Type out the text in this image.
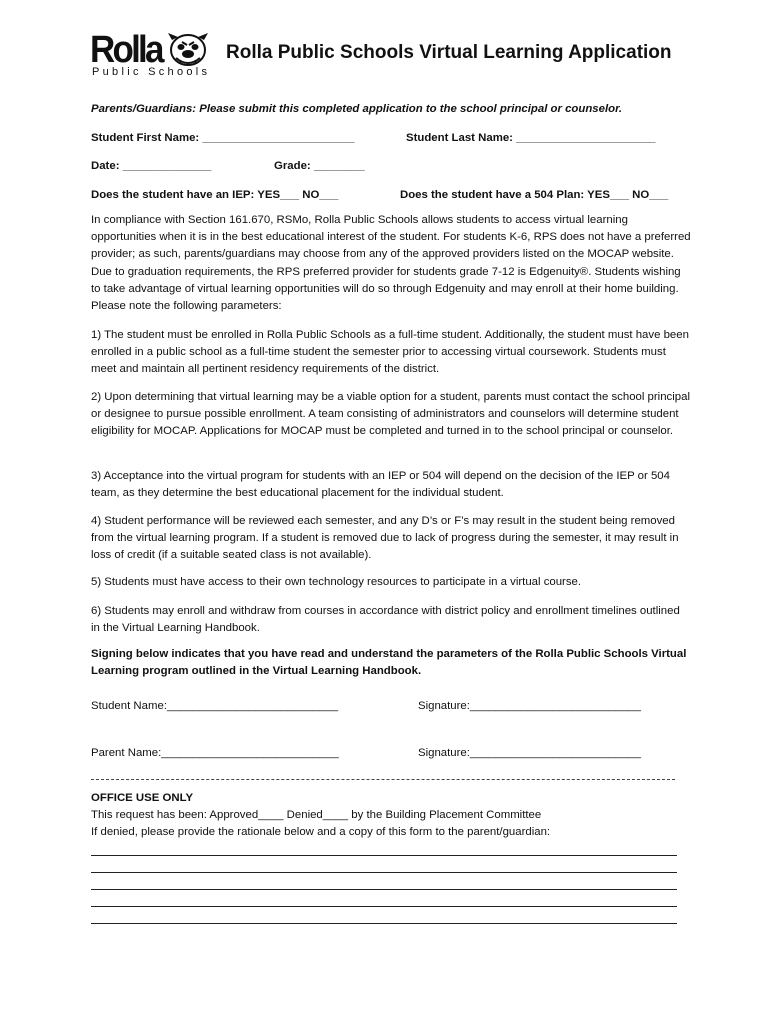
Rolla
Public Schools
Rolla Public Schools Virtual Learning Application
Parents/Guardians: Please submit this completed application to the school principal or counselor.
Student First Name: ________________________	Student Last Name: ______________________
Date: ______________	Grade: ________
Does the student have an IEP: YES___ NO___	Does the student have a 504 Plan: YES___ NO___
In compliance with Section 161.670, RSMo, Rolla Public Schools allows students to access virtual learning opportunities when it is in the best educational interest of the student. For students K-6, RPS does not have a preferred provider; as such, parents/guardians may choose from any of the approved providers listed on the MOCAP website. Due to graduation requirements, the RPS preferred provider for students grade 7-12 is Edgenuity®. Students wishing to take advantage of virtual learning opportunities will do so through Edgenuity and may enroll at their home building. Please note the following parameters:
1) The student must be enrolled in Rolla Public Schools as a full-time student. Additionally, the student must have been enrolled in a public school as a full-time student the semester prior to accessing virtual coursework. Students must meet and maintain all pertinent residency requirements of the district.
2) Upon determining that virtual learning may be a viable option for a student, parents must contact the school principal or designee to pursue possible enrollment. A team consisting of administrators and counselors will determine student eligibility for MOCAP. Applications for MOCAP must be completed and turned in to the school principal or counselor.
3) Acceptance into the virtual program for students with an IEP or 504 will depend on the decision of the IEP or 504 team, as they determine the best educational placement for the individual student.
4) Student performance will be reviewed each semester, and any D’s or F’s may result in the student being removed from the virtual learning program. If a student is removed due to lack of progress during the semester, it may result in loss of credit (if a suitable seated class is not available).
5) Students must have access to their own technology resources to participate in a virtual course.
6) Students may enroll and withdraw from courses in accordance with district policy and enrollment timelines outlined in the Virtual Learning Handbook.
Signing below indicates that you have read and understand the parameters of the Rolla Public Schools Virtual Learning program outlined in the Virtual Learning Handbook.
Student Name:___________________________	Signature:___________________________
Parent Name:____________________________	Signature:___________________________
OFFICE USE ONLY
This request has been: Approved____ Denied____ by the Building Placement Committee
If denied, please provide the rationale below and a copy of this form to the parent/guardian:
